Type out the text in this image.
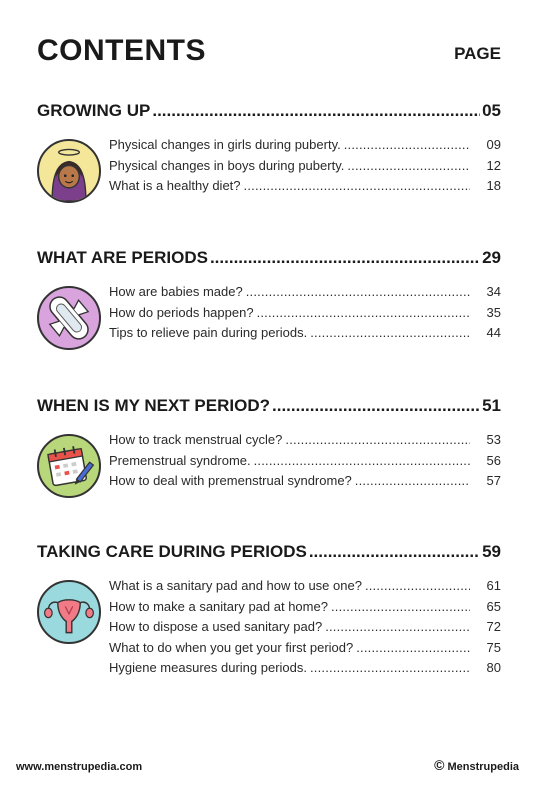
CONTENTS	PAGE
GROWING UP .....	05
Physical changes in girls during puberty. .....	09
Physical changes in boys during puberty. .....	12
What is a healthy diet? .....	18
WHAT ARE PERIODS .....	29
How are babies made? .....	34
How do periods happen? .....	35
Tips to relieve pain during periods. .....	44
WHEN IS MY NEXT PERIOD? .....	51
How to track menstrual cycle? .....	53
Premenstrual syndrome. .....	56
How to deal with premenstrual syndrome? .....	57
TAKING CARE DURING PERIODS .....	59
What is a sanitary pad and how to use one? .....	61
How to make a sanitary pad at home? .....	65
How to dispose a used sanitary pad? .....	72
What to do when you get your first period? .....	75
Hygiene measures during periods. .....	80
www.menstrupedia.com	© Menstrupedia
